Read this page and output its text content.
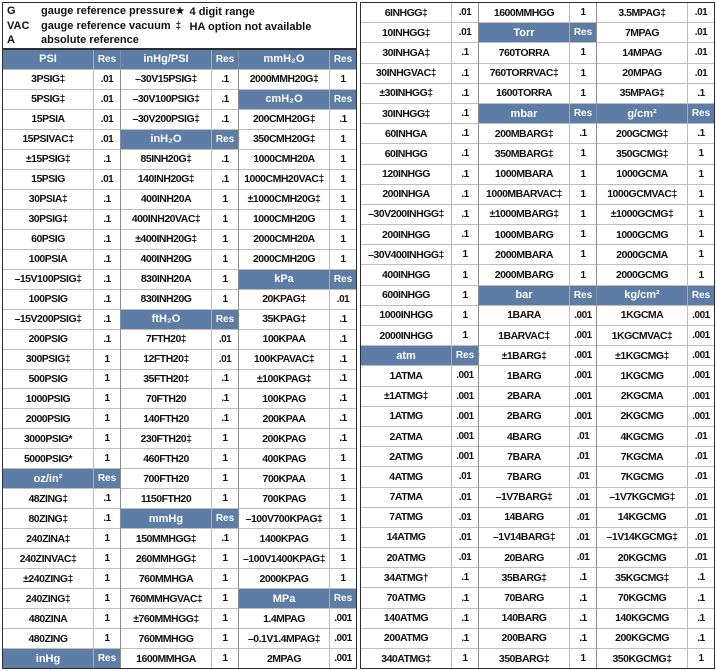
G	gauge reference pressure
VAC	gauge reference vacuum
A	absolute reference
★ 4 digit range
‡ HA option not available
PSI	Res
3PSIG‡	.01
5PSIG‡	.01
15PSIA	.01
15PSIVAC‡	.01
±15PSIG‡	.1
15PSIG	.01
30PSIA‡	.1
30PSIG‡	.1
60PSIG	.1
100PSIA	.1
–15V100PSIG‡	.1
100PSIG	.1
–15V200PSIG‡	.1
200PSIG	.1
300PSIG‡	1
500PSIG	1
1000PSIG	1
2000PSIG	1
3000PSIG*	1
5000PSIG*	1
oz/in²	Res
48ZING‡	.1
80ZING‡	.1
240ZINA‡	1
240ZINVAC‡	1
±240ZING‡	1
240ZING‡	1
480ZINA	1
480ZING	1
inHg	Res
inHg/PSI	Res
–30V15PSIG‡	.1
–30V100PSIG‡	.1
–30V200PSIG‡	.1
inH₂O	Res
85INH20G‡	.1
140INH20G‡	.1
400INH20A	1
400INH20VAC‡	1
±400INH20G‡	1
400INH20G	1
830INH20A	1
830INH20G	1
ftH₂O	Res
7FTH20‡	.01
12FTH20‡	.01
35FTH20‡	.1
70FTH20	.1
140FTH20	.1
230FTH20‡	1
460FTH20	1
700FTH20	1
1150FTH20	1
mmHg	Res
150MMHGG‡	.1
260MMHGG‡	1
760MMHGA	1
760MMHGVAC‡	1
±760MMHGG‡	1
760MMHGG	1
1600MMHGA	1
mmH₂O	Res
2000MMH20G‡	1
cmH₂O	Res
200CMH20G‡	.1
350CMH20G‡	1
1000CMH20A	1
1000CMH20VAC‡	1
±1000CMH20G‡	1
1000CMH20G	1
2000CMH20A	1
2000CMH20G	1
kPa	Res
20KPAG‡	.01
35KPAG‡	.1
100KPAA	.1
100KPAVAC‡	.1
±100KPAG‡	.1
100KPAG	.1
200KPAA	.1
200KPAG	.1
400KPAG	1
700KPAA	1
700KPAG	1
–100V700KPAG‡	1
1400KPAG	1
–100V1400KPAG‡	1
2000KPAG	1
MPa	Res
1.4MPAG	.001
–0.1V1.4MPAG‡	.001
2MPAG	.001
6INHGG‡	.01
10INHGG‡	.01
30INHGA‡	.1
30INHGVAC‡	.1
±30INHGG‡	.1
30INHGG‡	.1
60INHGA	.1
60INHGG	.1
120INHGG	.1
200INHGA	.1
–30V200INHGG‡	.1
200INHGG	.1
–30V400INHGG‡	1
400INHGG	1
600INHGG	1
1000INHGG	1
2000INHGG	1
atm	Res
1ATMA	.001
±1ATMG‡	.001
1ATMG	.001
2ATMA	.001
2ATMG	.001
4ATMG	.01
7ATMA	.01
7ATMG	.01
14ATMG	.01
20ATMG	.01
34ATMG†	.1
70ATMG	.1
140ATMG	.1
200ATMG	.1
340ATMG‡	1
1600MMHGG	1
Torr	Res
760TORRA	1
760TORRVAC‡	1
1600TORRA	1
mbar	Res
200MBARG‡	.1
350MBARG‡	1
1000MBARA	1
1000MBARVAC‡	1
±1000MBARG‡	1
1000MBARG	1
2000MBARA	1
2000MBARG	1
bar	Res
1BARA	.001
1BARVAC‡	.001
±1BARG‡	.001
1BARG	.001
2BARA	.001
2BARG	.001
4BARG	.01
7BARA	.01
7BARG	.01
–1V7BARG‡	.01
14BARG	.01
–1V14BARG‡	.01
20BARG	.01
35BARG‡	.1
70BARG	.1
140BARG	.1
200BARG	.1
350BARG‡	1
3.5MPAG‡	.01
7MPAG	.01
14MPAG	.01
20MPAG	.01
35MPAG‡	.1
g/cm²	Res
200GCMG‡	.1
350GCMG‡	1
1000GCMA	1
1000GCMVAC‡	1
±1000GCMG‡	1
1000GCMG	1
2000GCMA	1
2000GCMG	1
kg/cm²	Res
1KGCMA	.001
1KGCMVAC‡	.001
±1KGCMG‡	.001
1KGCMG	.001
2KGCMA	.001
2KGCMG	.001
4KGCMG	.01
7KGCMA	.01
7KGCMG	.01
–1V7KGCMG‡	.01
14KGCMG	.01
–1V14KGCMG‡	.01
20KGCMG	.01
35KGCMG‡	.1
70KGCMG	.1
140KGCMG	.1
200KGCMG	.1
350KGCMG‡	1
